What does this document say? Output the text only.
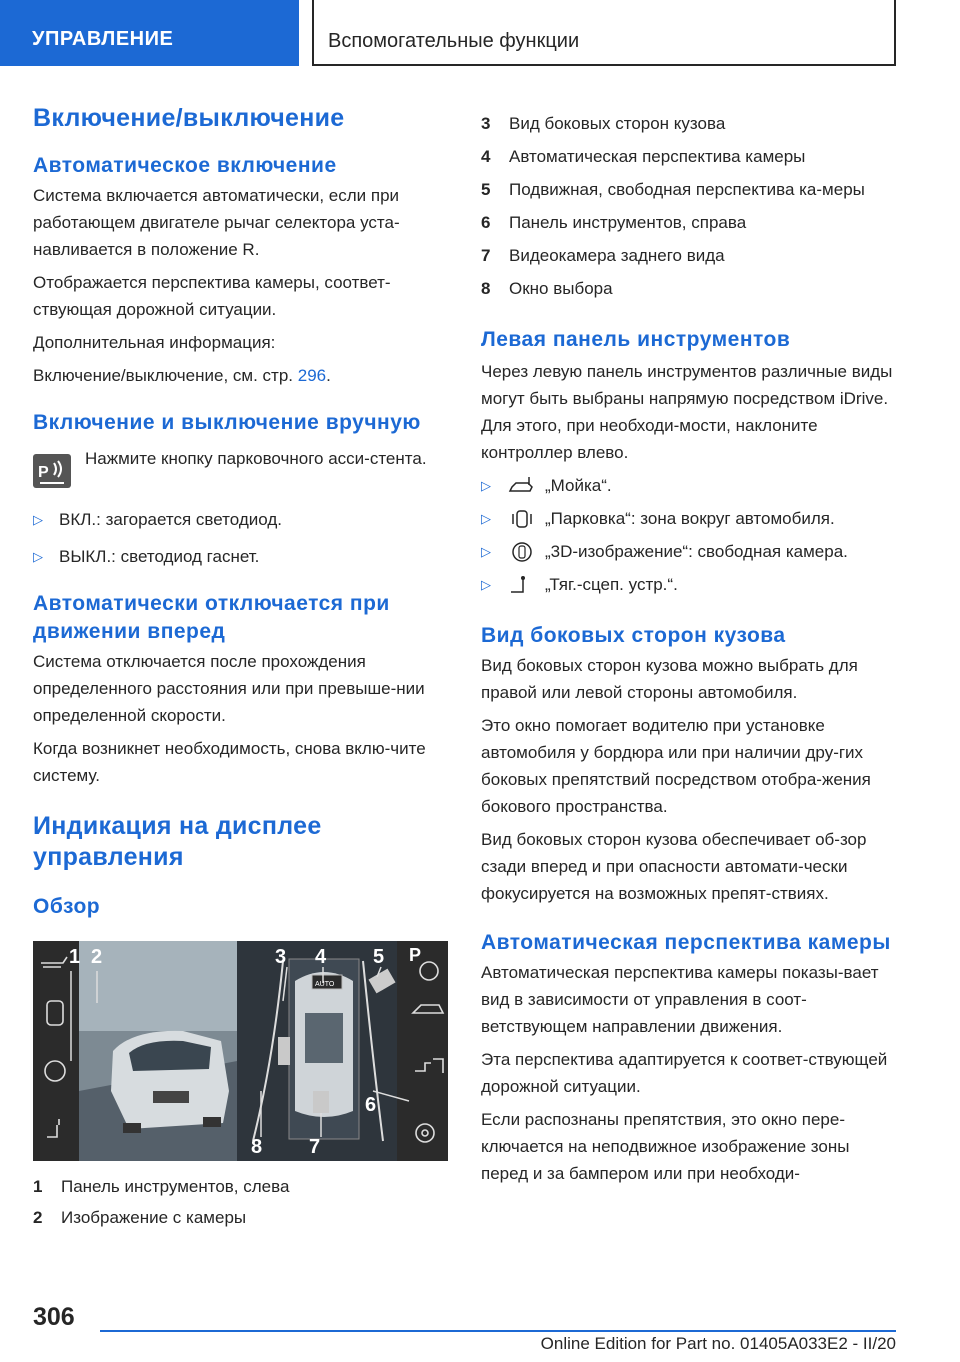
УПРАВЛЕНИЕ	Вспомогательные функции
Включение/выключение
Автоматическое включение

Система включается автоматически, если при работающем двигателе рычаг селектора уста-навливается в положение R.

Отображается перспектива камеры, соответ-ствующая дорожной ситуации.

Дополнительная информация:

Включение/выключение, см. стр. 296.

Включение и выключение вручную
P

Нажмите кнопку парковочного асси-стента.

▷ ВКЛ.: загорается светодиод.
▷ ВЫКЛ.: светодиод гаснет.
Автоматически отключается при движении вперед

Система отключается после прохождения определенного расстояния или при превыше-нии определенной скорости.

Когда возникнет необходимость, снова вклю-чите систему.

Индикация на дисплее управления
Обзор
1 2	3 4 5
6
7
8
P
AUTO
1	Панель инструментов, слева
2	Изображение с камеры
3	Вид боковых сторон кузова
4	Автоматическая перспектива камеры
5	Подвижная, свободная перспектива ка-меры
6	Панель инструментов, справа
7	Видеокамера заднего вида
8	Окно выбора
Левая панель инструментов

Через левую панель инструментов различные виды могут быть выбраны напрямую посредством iDrive. Для этого, при необходи-мости, наклоните контроллер влево.

▷	„Мойка“.
▷	„Парковка“: зона вокруг автомобиля.
▷	„3D-изображение“: свободная камера.
▷	„Тяг.-сцеп. устр.“.
Вид боковых сторон кузова

Вид боковых сторон кузова можно выбрать для правой или левой стороны автомобиля.

Это окно помогает водителю при установке автомобиля у бордюра или при наличии дру-гих боковых препятствий посредством отобра-жения бокового пространства.

Вид боковых сторон кузова обеспечивает об-зор сзади вперед и при опасности автомати-чески фокусируется на возможных препят-ствиях.

Автоматическая перспектива камеры

Автоматическая перспектива камеры показы-вает вид в зависимости от управления в соот-ветствующем направлении движения.

Эта перспектива адаптируется к соответ-ствующей дорожной ситуации.

Если распознаны препятствия, это окно пере-ключается на неподвижное изображение зоны перед и за бампером или при необходи-

306
Online Edition for Part no. 01405A033E2 - II/20
